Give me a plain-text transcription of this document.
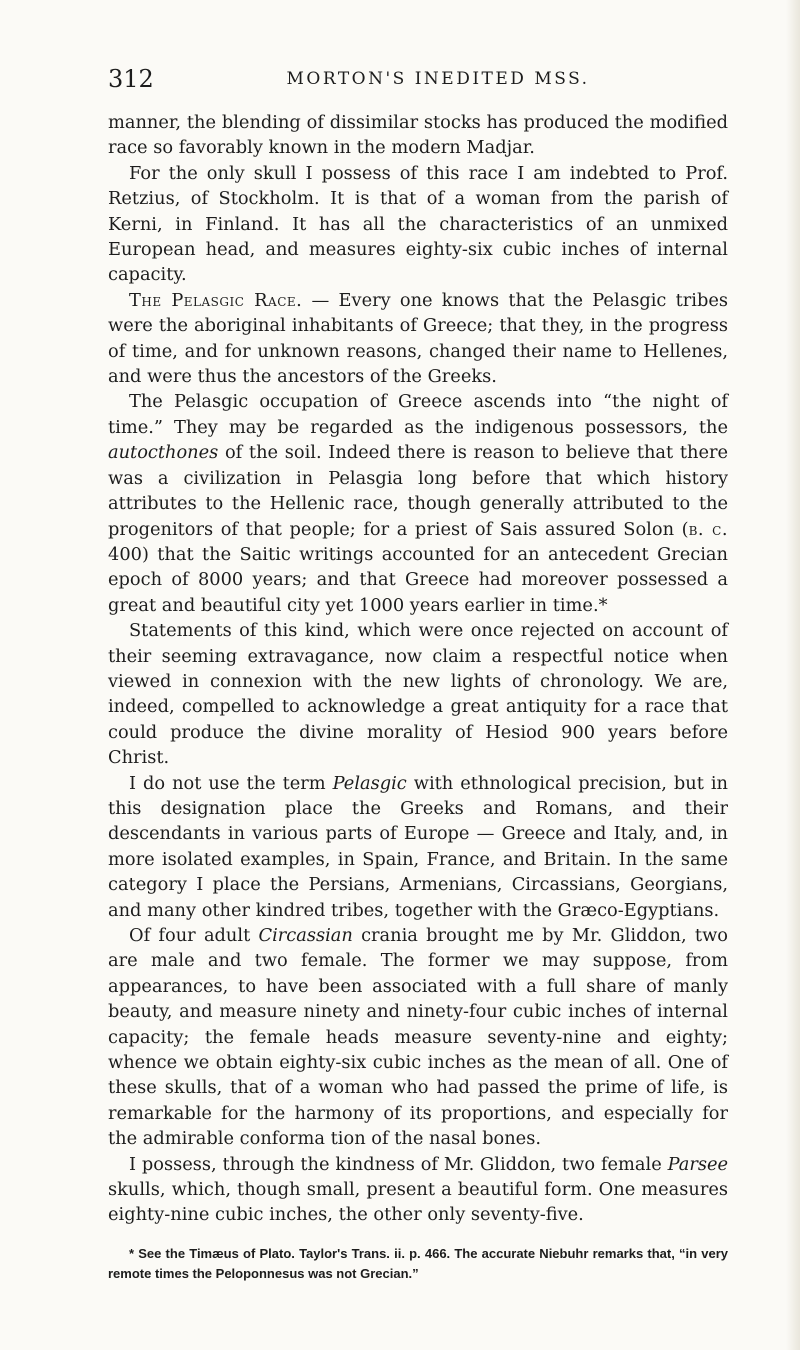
312	MORTON'S INEDITED MSS.

manner, the blending of dissimilar stocks has produced the modified race so favorably known in the modern Madjar.

For the only skull I possess of this race I am indebted to Prof. Retzius, of Stockholm. It is that of a woman from the parish of Kerni, in Finland. It has all the characteristics of an unmixed European head, and measures eighty-six cubic inches of internal capacity.

The Pelasgic Race. — Every one knows that the Pelasgic tribes were the aboriginal inhabitants of Greece; that they, in the progress of time, and for unknown reasons, changed their name to Hellenes, and were thus the ancestors of the Greeks.

The Pelasgic occupation of Greece ascends into “the night of time.” They may be regarded as the indigenous possessors, the autocthones of the soil. Indeed there is reason to believe that there was a civilization in Pelasgia long before that which history attributes to the Hellenic race, though generally attributed to the progenitors of that people; for a priest of Sais assured Solon (b. c. 400) that the Saitic writings accounted for an antecedent Grecian epoch of 8000 years; and that Greece had moreover possessed a great and beautiful city yet 1000 years earlier in time.*

Statements of this kind, which were once rejected on account of their seeming extravagance, now claim a respectful notice when viewed in connexion with the new lights of chronology. We are, indeed, compelled to acknowledge a great antiquity for a race that could produce the divine morality of Hesiod 900 years before Christ.

I do not use the term Pelasgic with ethnological precision, but in this designation place the Greeks and Romans, and their descendants in various parts of Europe — Greece and Italy, and, in more isolated examples, in Spain, France, and Britain. In the same category I place the Persians, Armenians, Circassians, Georgians, and many other kindred tribes, together with the Græco-Egyptians.

Of four adult Circassian crania brought me by Mr. Gliddon, two are male and two female. The former we may suppose, from appearances, to have been associated with a full share of manly beauty, and measure ninety and ninety-four cubic inches of internal capacity; the female heads measure seventy-nine and eighty; whence we obtain eighty-six cubic inches as the mean of all. One of these skulls, that of a woman who had passed the prime of life, is remarkable for the harmony of its proportions, and especially for the admirable conforma tion of the nasal bones.

I possess, through the kindness of Mr. Gliddon, two female Parsee skulls, which, though small, present a beautiful form. One measures eighty-nine cubic inches, the other only seventy-five.

* See the Timæus of Plato. Taylor's Trans. ii. p. 466. The accurate Niebuhr remarks that, “in very remote times the Peloponnesus was not Grecian.”
